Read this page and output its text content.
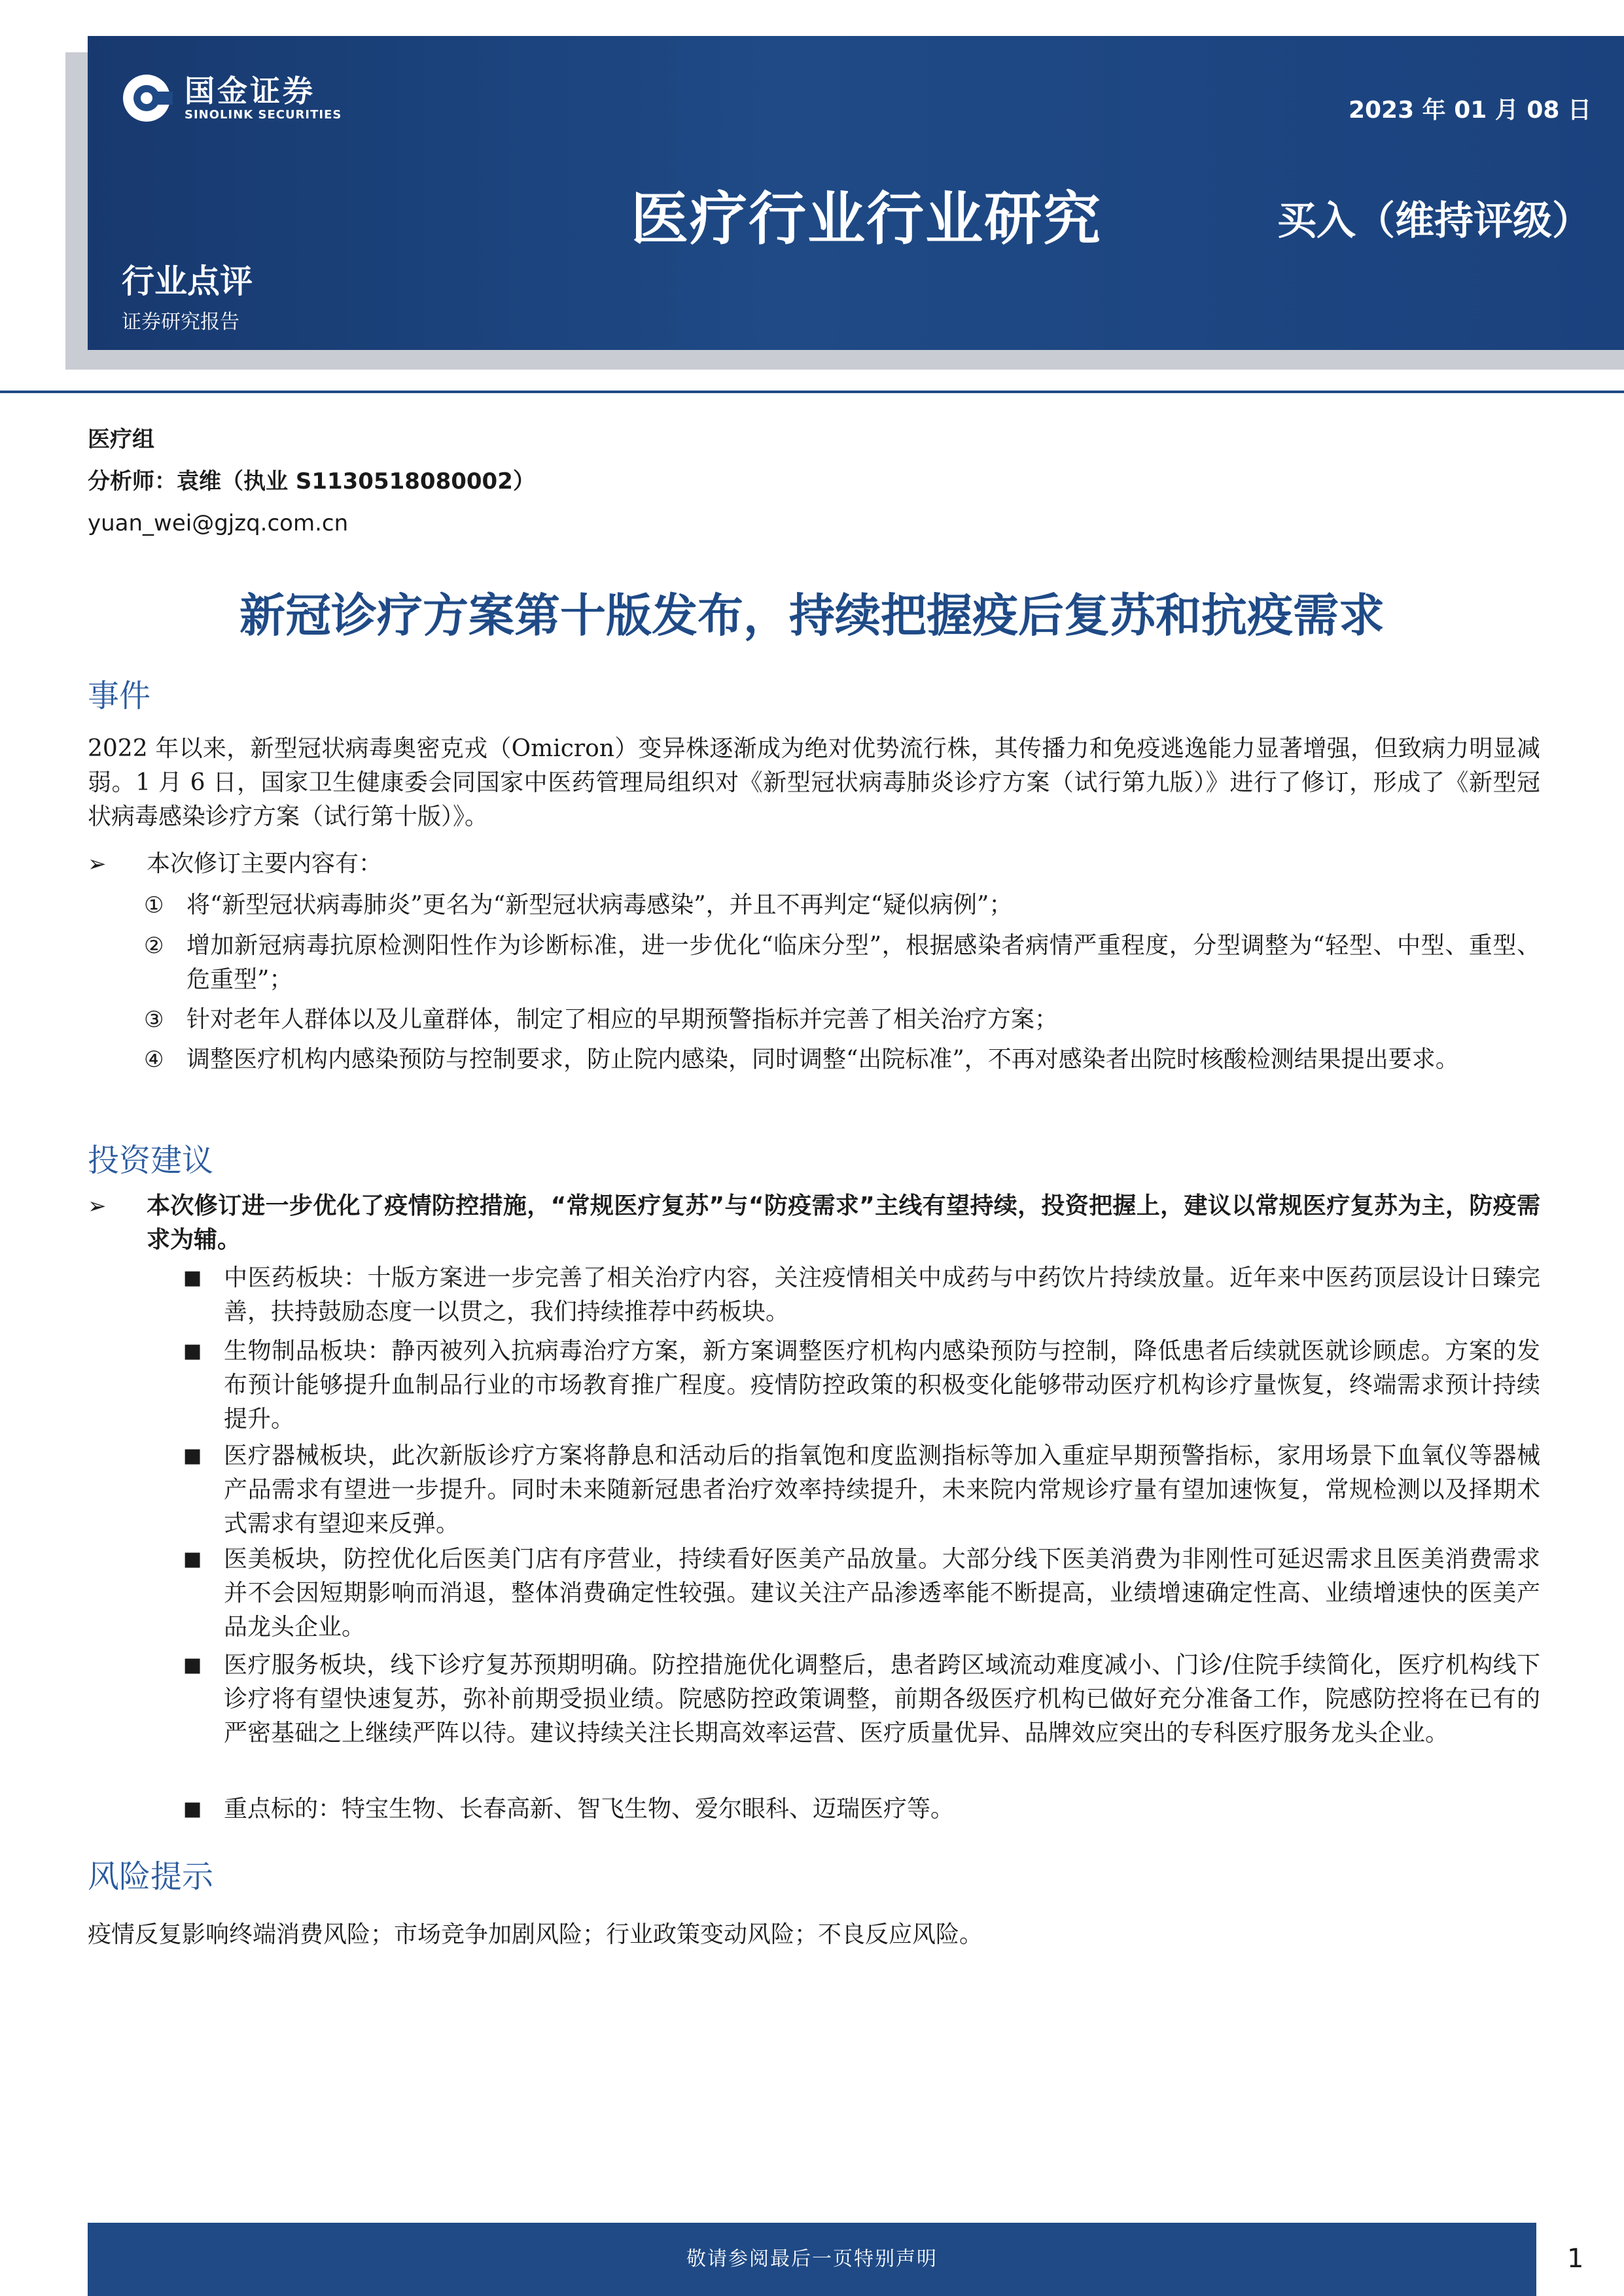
国金证券
SINOLINK SECURITIES	2023 年 01 月 08 日
医疗行业行业研究	买入（维持评级）
行业点评
证券研究报告
医疗组
分析师：袁维（执业 S1130518080002）
yuan_wei@gjzq.com.cn
新冠诊疗方案第十版发布，持续把握疫后复苏和抗疫需求
事件
2022 年以来，新型冠状病毒奥密克戎（Omicron）变异株逐渐成为绝对优势流行株，其传播力和免疫逃逸能力显著增强，但致病力明显减弱。1 月 6 日，国家卫生健康委会同国家中医药管理局组织对《新型冠状病毒肺炎诊疗方案（试行第九版）》进行了修订，形成了《新型冠状病毒感染诊疗方案（试行第十版）》。
➢	本次修订主要内容有：
① 将“新型冠状病毒肺炎”更名为“新型冠状病毒感染”，并且不再判定“疑似病例”；
② 增加新冠病毒抗原检测阳性作为诊断标准，进一步优化“临床分型”，根据感染者病情严重程度，分型调整为“轻型、中型、重型、危重型”；
③ 针对老年人群体以及儿童群体，制定了相应的早期预警指标并完善了相关治疗方案；
④ 调整医疗机构内感染预防与控制要求，防止院内感染，同时调整“出院标准”，不再对感染者出院时核酸检测结果提出要求。
投资建议
➢	本次修订进一步优化了疫情防控措施，“常规医疗复苏”与“防疫需求”主线有望持续，投资把握上，建议以常规医疗复苏为主，防疫需求为辅。
■ 中医药板块：十版方案进一步完善了相关治疗内容，关注疫情相关中成药与中药饮片持续放量。近年来中医药顶层设计日臻完善，扶持鼓励态度一以贯之，我们持续推荐中药板块。
■ 生物制品板块：静丙被列入抗病毒治疗方案，新方案调整医疗机构内感染预防与控制，降低患者后续就医就诊顾虑。方案的发布预计能够提升血制品行业的市场教育推广程度。疫情防控政策的积极变化能够带动医疗机构诊疗量恢复，终端需求预计持续提升。
■ 医疗器械板块，此次新版诊疗方案将静息和活动后的指氧饱和度监测指标等加入重症早期预警指标，家用场景下血氧仪等器械产品需求有望进一步提升。同时未来随新冠患者治疗效率持续提升，未来院内常规诊疗量有望加速恢复，常规检测以及择期术式需求有望迎来反弹。
■ 医美板块，防控优化后医美门店有序营业，持续看好医美产品放量。大部分线下医美消费为非刚性可延迟需求且医美消费需求并不会因短期影响而消退，整体消费确定性较强。建议关注产品渗透率能不断提高，业绩增速确定性高、业绩增速快的医美产品龙头企业。
■ 医疗服务板块，线下诊疗复苏预期明确。防控措施优化调整后，患者跨区域流动难度减小、门诊/住院手续简化，医疗机构线下诊疗将有望快速复苏，弥补前期受损业绩。院感防控政策调整，前期各级医疗机构已做好充分准备工作，院感防控将在已有的严密基础之上继续严阵以待。建议持续关注长期高效率运营、医疗质量优异、品牌效应突出的专科医疗服务龙头企业。
■ 重点标的：特宝生物、长春高新、智飞生物、爱尔眼科、迈瑞医疗等。
风险提示
疫情反复影响终端消费风险；市场竞争加剧风险；行业政策变动风险；不良反应风险。
敬请参阅最后一页特别声明	1
